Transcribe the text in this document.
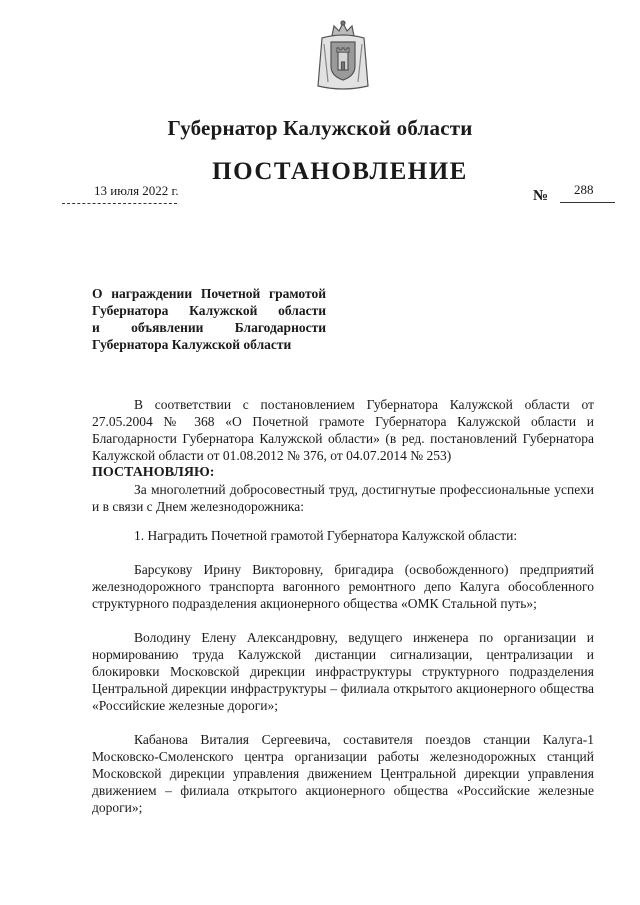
Губернатор Калужской области
ПОСТАНОВЛЕНИЕ
13 июля 2022 г.	№ 288
О награждении Почетной грамотой
Губернатора Калужской области
и объявлении Благодарности
Губернатора Калужской области

В соответствии с постановлением Губернатора Калужской области от 27.05.2004 № 368 «О Почетной грамоте Губернатора Калужской области и Благодарности Губернатора Калужской области» (в ред. постановлений Губернатора Калужской области от 01.08.2012 № 376, от 04.07.2014 № 253)

ПОСТАНОВЛЯЮ:

За многолетний добросовестный труд, достигнутые профессиональные успехи и в связи с Днем железнодорожника:

1. Наградить Почетной грамотой Губернатора Калужской области:

Барсукову Ирину Викторовну, бригадира (освобожденного) предприятий железнодорожного транспорта вагонного ремонтного депо Калуга обособленного структурного подразделения акционерного общества «ОМК Стальной путь»;

Володину Елену Александровну, ведущего инженера по организации и нормированию труда Калужской дистанции сигнализации, централизации и блокировки Московской дирекции инфраструктуры структурного подразделения Центральной дирекции инфраструктуры – филиала открытого акционерного общества «Российские железные дороги»;

Кабанова Виталия Сергеевича, составителя поездов станции Калуга-1 Московско-Смоленского центра организации работы железнодорожных станций Московской дирекции управления движением Центральной дирекции управления движением – филиала открытого акционерного общества «Российские железные дороги»;
